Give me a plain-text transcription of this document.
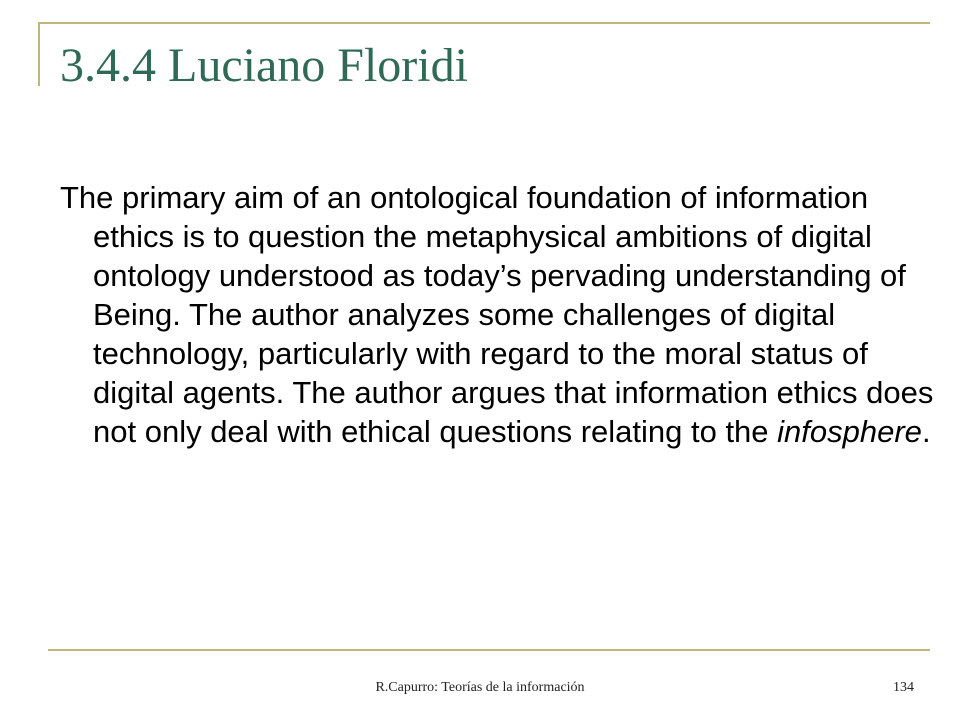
3.4.4 Luciano Floridi

The primary aim of an ontological foundation of information ethics is to question the metaphysical ambitions of digital ontology understood as today’s pervading understanding of Being. The author analyzes some challenges of digital technology, particularly with regard to the moral status of digital agents. The author argues that information ethics does not only deal with ethical questions relating to the infosphere.

R.Capurro: Teorías de la información	134
